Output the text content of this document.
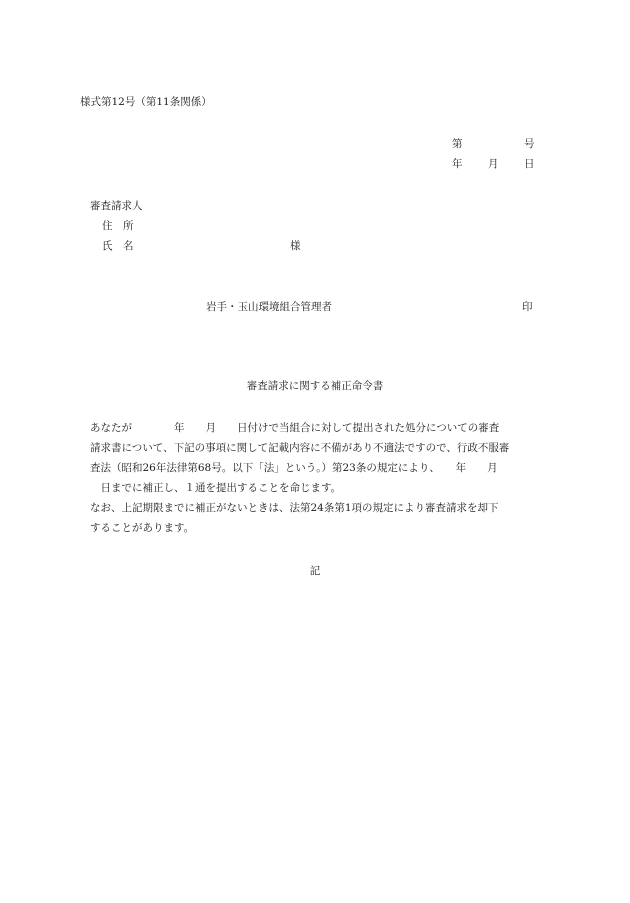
様式第12号（第11条関係）
第	号
年 月 日
審査請求人
住　所
氏　名	様
岩手・玉山環境組合管理者	印
審査請求に関する補正命令書

あなたが　　　　年　　月　　日付けで当組合に対して提出された処分についての審査
請求書について、下記の事項に関して記載内容に不備があり不適法ですので、行政不服審
査法（昭和26年法律第68号。以下「法」という。）第23条の規定により、　　年　　月
　日までに補正し、１通を提出することを命じます。

なお、上記期限までに補正がないときは、法第24条第1項の規定により審査請求を却下
することがあります。

記
